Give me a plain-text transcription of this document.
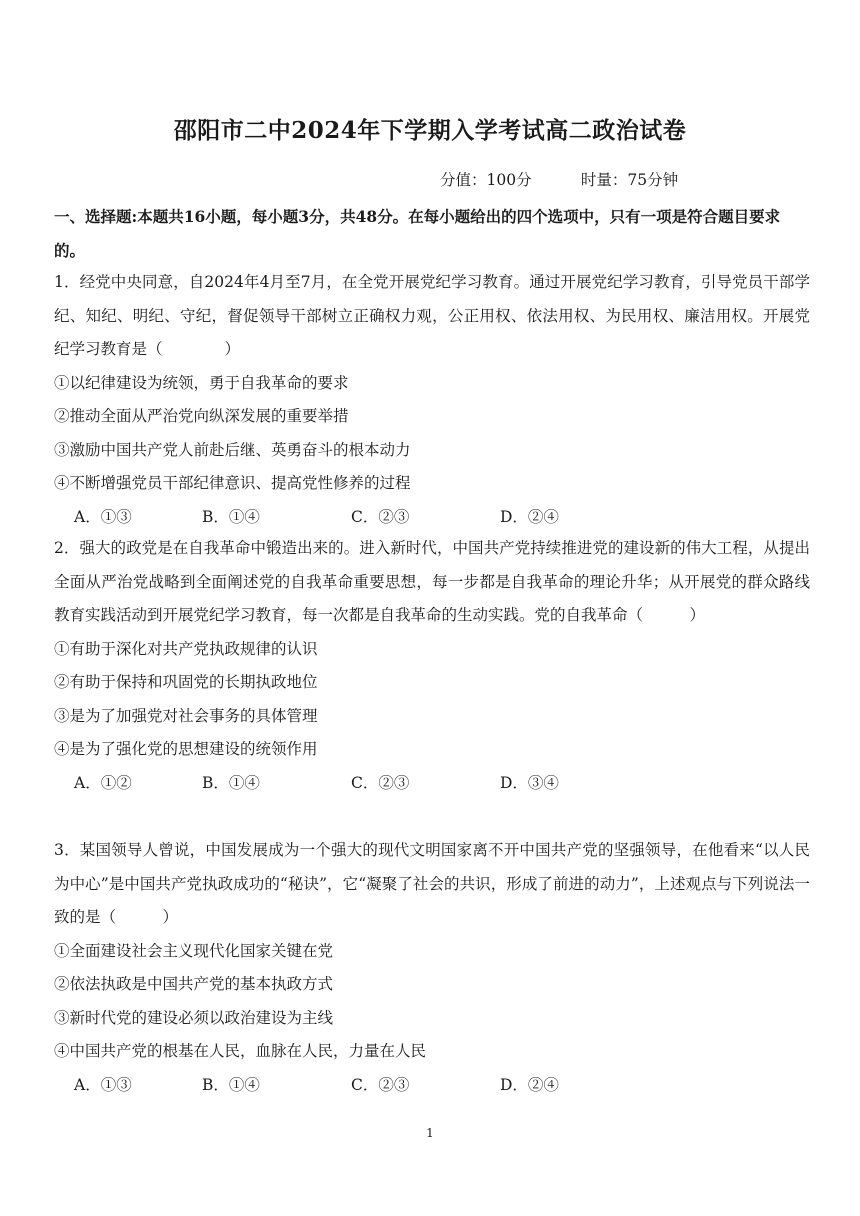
邵阳市二中2024年下学期入学考试高二政治试卷
分值：100分	时量：75分钟
一、选择题:本题共16小题，每小题3分，共48分。在每小题给出的四个选项中，只有一项是符合题目要求的。
1．经党中央同意，自2024年4月至7月，在全党开展党纪学习教育。通过开展党纪学习教育，引导党员干部学纪、知纪、明纪、守纪，督促领导干部树立正确权力观，公正用权、依法用权、为民用权、廉洁用权。开展党纪学习教育是（　　　　）
①以纪律建设为统领，勇于自我革命的要求
②推动全面从严治党向纵深发展的重要举措
③激励中国共产党人前赴后继、英勇奋斗的根本动力
④不断增强党员干部纪律意识、提高党性修养的过程
A．①③	B．①④	C．②③	D．②④
2．强大的政党是在自我革命中锻造出来的。进入新时代，中国共产党持续推进党的建设新的伟大工程，从提出全面从严治党战略到全面阐述党的自我革命重要思想，每一步都是自我革命的理论升华；从开展党的群众路线教育实践活动到开展党纪学习教育，每一次都是自我革命的生动实践。党的自我革命（　　　）
①有助于深化对共产党执政规律的认识
②有助于保持和巩固党的长期执政地位
③是为了加强党对社会事务的具体管理
④是为了强化党的思想建设的统领作用
A．①②	B．①④	C．②③	D．③④
3．某国领导人曾说，中国发展成为一个强大的现代文明国家离不开中国共产党的坚强领导，在他看来“以人民为中心”是中国共产党执政成功的“秘诀”，它“凝聚了社会的共识，形成了前进的动力”，上述观点与下列说法一致的是（　　　）
①全面建设社会主义现代化国家关键在党
②依法执政是中国共产党的基本执政方式
③新时代党的建设必须以政治建设为主线
④中国共产党的根基在人民，血脉在人民，力量在人民
A．①③	B．①④	C．②③	D．②④
1
